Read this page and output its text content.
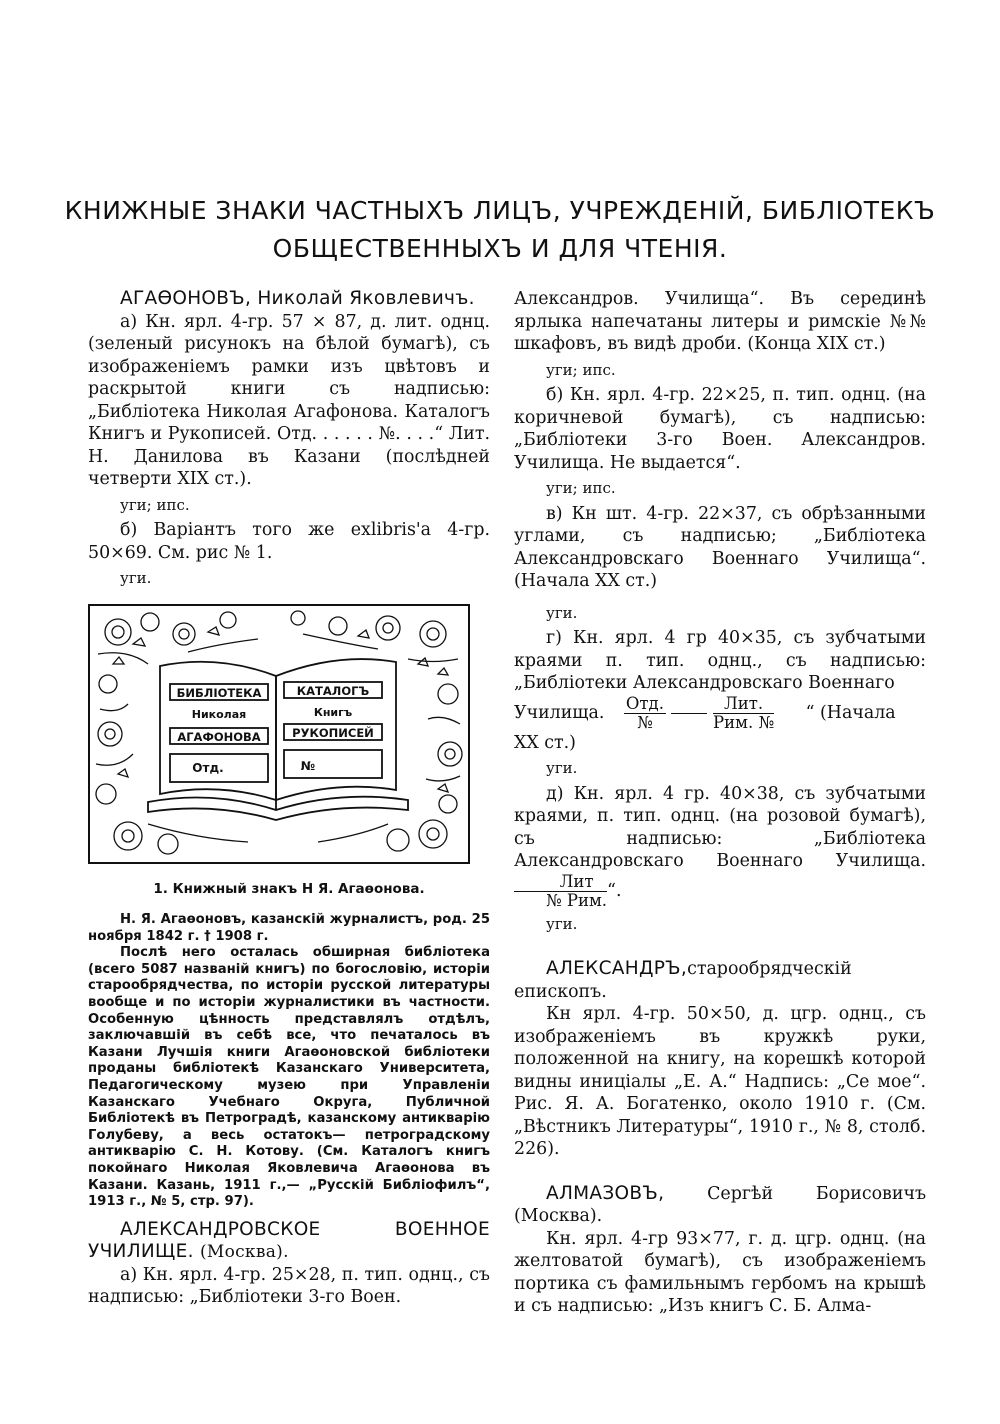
КНИЖНЫЕ ЗНАКИ ЧАСТНЫХЪ ЛИЦЪ, УЧРЕЖДЕНІЙ, БИБЛІОТЕКЪ
ОБЩЕСТВЕННЫХЪ И ДЛЯ ЧТЕНІЯ.

АГАѲОНОВЪ, Николай Яковлевичъ.

а) Кн. ярл. 4-гр. 57 ⨯ 87, д. лит. однц. (зеленый рисунокъ на бѣлой бумагѣ), съ изображеніемъ рамки изъ цвѣтовъ и раскрытой книги съ надписью: „Библіотека Николая Агафонова. Каталогъ Книгъ и Рукописей. Отд. . . . . . №. . . .“ Лит. Н. Данилова въ Казани (послѣдней четверти XIX ст.).

уги; ипс.

б) Варіантъ того же exlibris'a 4-гр. 50⨯69. См. рис № 1.

уги.

БИБЛІОТЕКА
Николая
АГАФОНОВА
Отд.
КАТАЛОГЪ
Книгъ
РУКОПИСЕЙ
№

1. Книжный знакъ Н Я. Агаѳонова.

Н. Я. Агаѳоновъ, казанскій журналистъ, род. 25 ноября 1842 г. † 1908 г.

Послѣ него осталась обширная библіотека (всего 5087 названій книгъ) по богословію, исторіи старообрядчества, по исторіи русской литературы вообще и по исторіи журналистики въ частности. Особенную цѣнность представлялъ отдѣлъ, заключавшій въ себѣ все, что печаталось въ Казани Лучшія книги Агаѳоновской библіотеки проданы библіотекѣ Казанскаго Университета, Педагогическому музею при Управленіи Казанскаго Учебнаго Округа, Публичной Библіотекѣ въ Петроградѣ, казанскому антикварію Голубеву, а весь остатокъ— петроградскому антикварію С. Н. Котову. (См. Каталогъ книгъ покойнаго Николая Яковлевича Агаѳонова въ Казани. Казань, 1911 г.,— „Русскій Библіофилъ“, 1913 г., № 5, стр. 97).

АЛЕКСАНДРОВСКОЕ ВОЕННОЕ УЧИЛИЩЕ. (Москва).

а) Кн. ярл. 4-гр. 25⨯28, п. тип. однц., съ надписью: „Библіотеки 3-го Воен.

Александров. Училища“. Въ серединѣ ярлыка напечатаны литеры и римскіе №№ шкафовъ, въ видѣ дроби. (Конца XIX ст.)

уги; ипс.

б) Кн. ярл. 4-гр. 22⨯25, п. тип. однц. (на коричневой бумагѣ), съ надписью: „Библіотеки 3-го Воен. Александров. Училища. Не выдается“.

уги; ипс.

в) Кн шт. 4-гр. 22⨯37, съ обрѣзанными углами, съ надписью; „Библіотека Александровскаго Военнаго Училища“. (Начала XX ст.)

уги.

г) Кн. ярл. 4 гр 40⨯35, съ зубчатыми краями п. тип. однц., съ надписью: „Библіотеки Александровскаго Военнаго

Училища. $\frac{\text{Отд.}}{№}$
	$\frac{\text{Лит.}}{\text{Рим. №}}$ “ (Начала

XX ст.)

уги.

д) Кн. ярл. 4 гр. 40⨯38, съ зубчатыми краями, п. тип. однц. (на розовой бумагѣ), съ надписью: „Библіотека Александровскаго Военнаго Училища.
$\frac{\text{Лит}}{\text{№ Рим.}}$ “.

уги.

АЛЕКСАНДРЪ,старообрядческій епископъ.

Кн ярл. 4-гр. 50⨯50, д. цгр. однц., съ изображеніемъ въ кружкѣ руки, положенной на книгу, на корешкѣ которой видны иниціалы „Е. А.“ Надпись: „Се мое“. Рис. Я. А. Богатенко, около 1910 г. (См. „Вѣстникъ Литературы“, 1910 г., № 8, столб. 226).

АЛМАЗОВЪ, Сергѣй Борисовичъ (Москва).

Кн. ярл. 4-гр 93⨯77, г. д. цгр. однц. (на желтоватой бумагѣ), съ изображеніемъ портика съ фамильнымъ гербомъ на крышѣ и съ надписью: „Изъ книгъ С. Б. Алма-
